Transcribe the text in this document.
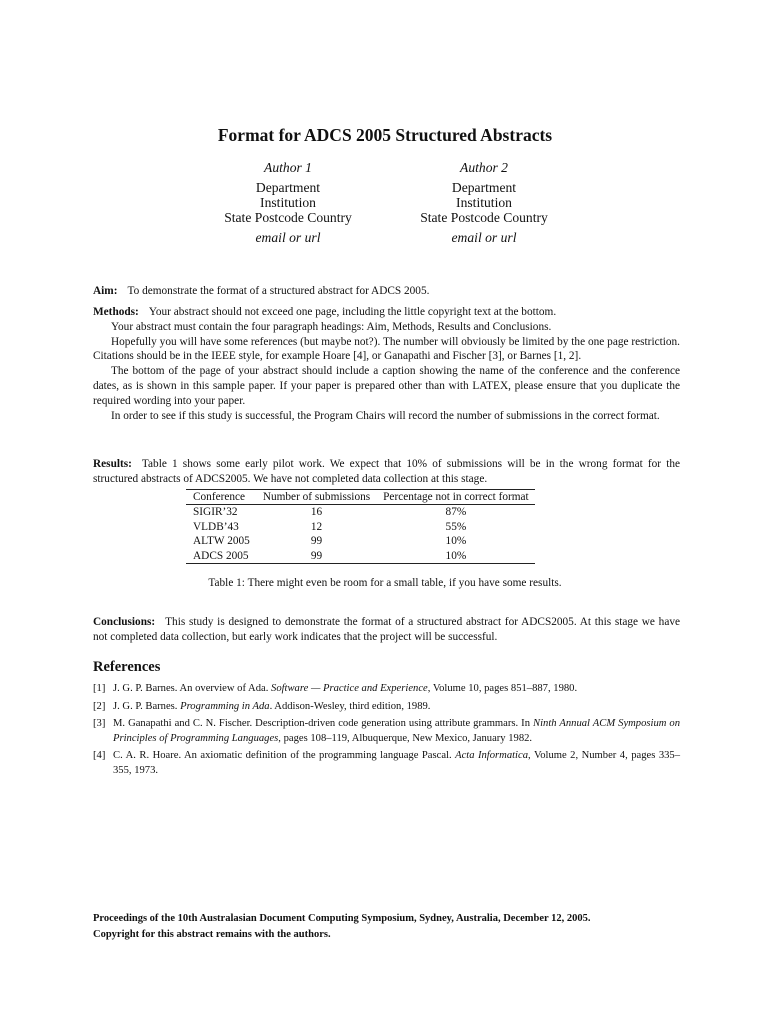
Format for ADCS 2005 Structured Abstracts
Author 1
Department
Institution
State Postcode Country
email or url
Author 2
Department
Institution
State Postcode Country
email or url

Aim: To demonstrate the format of a structured abstract for ADCS 2005.

Methods: Your abstract should not exceed one page, including the little copyright text at the bottom.

Your abstract must contain the four paragraph headings: Aim, Methods, Results and Conclusions.

Hopefully you will have some references (but maybe not?). The number will obviously be limited by the one page restriction. Citations should be in the IEEE style, for example Hoare [4], or Ganapathi and Fischer [3], or Barnes [1, 2].

The bottom of the page of your abstract should include a caption showing the name of the conference and the conference dates, as is shown in this sample paper. If your paper is prepared other than with LATEX, please ensure that you duplicate the required wording into your paper.

In order to see if this study is successful, the Program Chairs will record the number of submissions in the correct format.

Results: Table 1 shows some early pilot work. We expect that 10% of submissions will be in the wrong format for the structured abstracts of ADCS2005. We have not completed data collection at this stage.

Conference	Number of submissions	Percentage not in correct format
SIGIR’32	16	87%
VLDB’43	12	55%
ALTW 2005	99	10%
ADCS 2005	99	10%
Table 1: There might even be room for a small table, if you have some results.

Conclusions: This study is designed to demonstrate the format of a structured abstract for ADCS2005. At this stage we have not completed data collection, but early work indicates that the project will be successful.

References
[1] J. G. P. Barnes. An overview of Ada. Software — Practice and Experience, Volume 10, pages 851–887, 1980.
[2] J. G. P. Barnes. Programming in Ada. Addison-Wesley, third edition, 1989.
[3] M. Ganapathi and C. N. Fischer. Description-driven code generation using attribute grammars. In Ninth Annual ACM Symposium on Principles of Programming Languages, pages 108–119, Albuquerque, New Mexico, January 1982.
[4] C. A. R. Hoare. An axiomatic definition of the programming language Pascal. Acta Informatica, Volume 2, Number 4, pages 335–355, 1973.
Proceedings of the 10th Australasian Document Computing Symposium, Sydney, Australia, December 12, 2005.
Copyright for this abstract remains with the authors.
